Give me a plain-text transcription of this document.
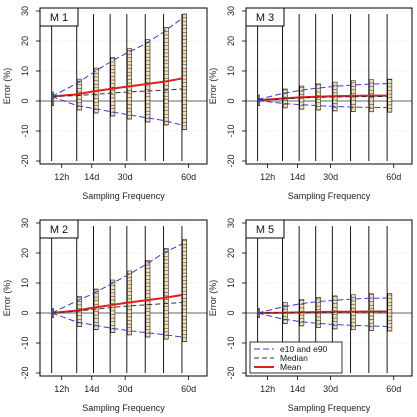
M 1
-20
-10
0
10
20
30
12h 14d 30d	60d
Error (%)
Sampling Frequency
M 3
-20
-10
0
10
20
30
12h 14d 30d	60d
Error (%)
Sampling Frequency
M 2
-20
-10
0
10
20
30
12h 14d 30d	60d
Error (%)
Sampling Frequency
M 5
-20
-10
0
10
20
30
12h 14d 30d	60d
Error (%)
Sampling Frequency
e10 and e90
Median
Mean
